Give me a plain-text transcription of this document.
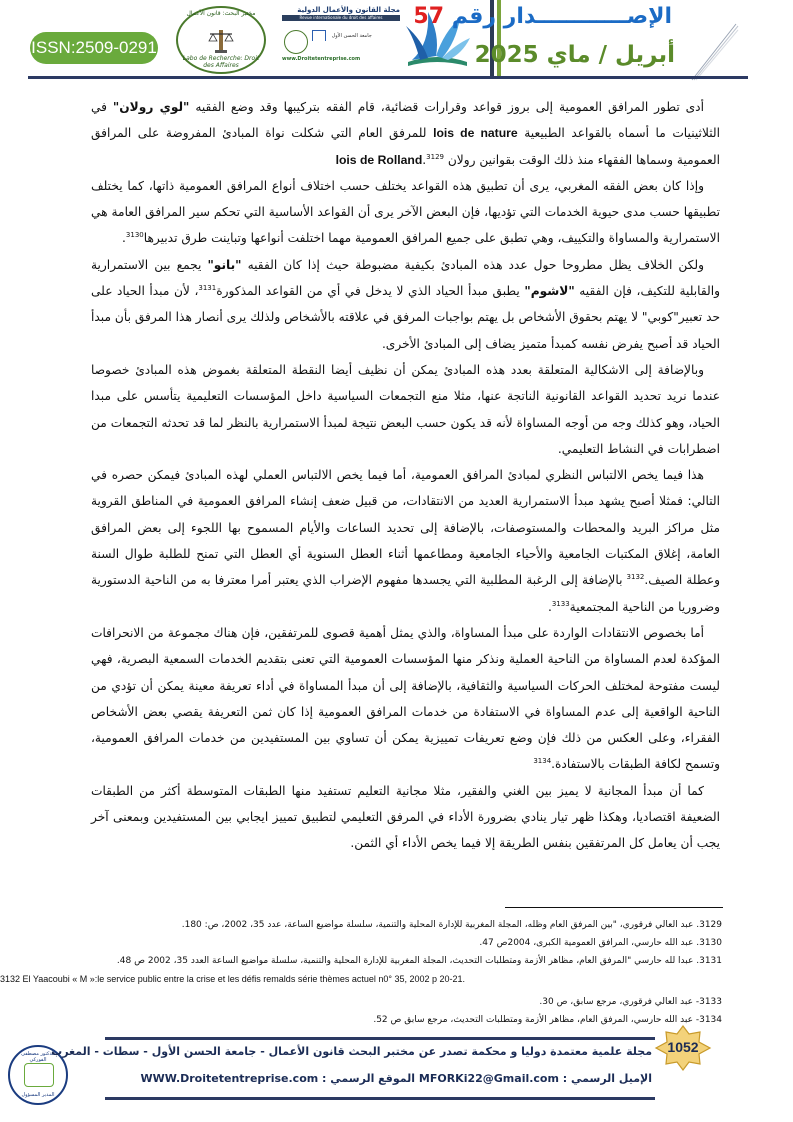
ISSN:2509-0291
مختبر البحث: قانون الأعمال
Labo de Recherche: Droit des Affaires
مجلة القانون والأعمال الدولية
Revue internationale du droit des affaires
جامعة الحسن الأول
www.Droitetentreprise.com
الإصــــــــــــدار رقم 57
أبريل / ماي 2025

أدى تطور المرافق العمومية إلى بروز قواعد وقرارات قضائية، قام الفقه بتركيبها وقد وضع الفقيه "لوي رولان" في الثلاثينيات ما أسماه بالقواعد الطبيعية lois de nature للمرفق العام التي شكلت نواة المبادئ المفروضة على المرافق العمومية وسماها الفقهاء منذ ذلك الوقت بقوانين رولان lois de Rolland.$^{3129}$

وإذا كان بعض الفقه المغربي، يرى أن تطبيق هذه القواعد يختلف حسب اختلاف أنواع المرافق العمومية ذاتها، كما يختلف تطبيقها حسب مدى حيوية الخدمات التي تؤديها، فإن البعض الآخر يرى أن القواعد الأساسية التي تحكم سير المرافق العامة هي الاستمرارية والمساواة والتكييف، وهي تطبق على جميع المرافق العمومية مهما اختلفت أنواعها وتباينت طرق تدبيرها$^{3130}$.

ولكن الخلاف يظل مطروحا حول عدد هذه المبادئ بكيفية مضبوطة حيث إذا كان الفقيه "بانو" يجمع بين الاستمرارية والقابلية للتكيف، فإن الفقيه "لاشوم" يطبق مبدأ الحياد الذي لا يدخل في أي من القواعد المذكورة$^{3131}$، لأن مبدأ الحياد على حد تعبير"كوبي" لا يهتم بحقوق الأشخاص بل يهتم بواجبات المرفق في علاقته بالأشخاص ولذلك يرى أنصار هذا المرفق بأن مبدأ الحياد قد أصبح يفرض نفسه كمبدأ متميز يضاف إلى المبادئ الأخرى.

وبالإضافة إلى الاشكالية المتعلقة بعدد هذه المبادئ يمكن أن نظيف أيضا النقطة المتعلقة بغموض هذه المبادئ خصوصا عندما نريد تحديد القواعد القانونية الناتجة عنها، مثلا منع التجمعات السياسية داخل المؤسسات التعليمية يتأسس على مبدا الحياد، وهو كذلك وجه من أوجه المساواة لأنه قد يكون حسب البعض نتيجة لمبدأ الاستمرارية بالنظر لما قد تحدثه التجمعات من اضطرابات في النشاط التعليمي.

هذا فيما يخص الالتباس النظري لمبادئ المرافق العمومية، أما فيما يخص الالتباس العملي لهذه المبادئ فيمكن حصره في التالي: فمثلا أصبح يشهد مبدأ الاستمرارية العديد من الانتقادات، من قبيل ضعف إنشاء المرافق العمومية في المناطق القروية مثل مراكز البريد والمحطات والمستوصفات، بالإضافة إلى تحديد الساعات والأيام المسموح بها اللجوء إلى بعض المرافق العامة، إغلاق المكتبات الجامعية والأحياء الجامعية ومطاعمها أثناء العطل السنوية أي العطل التي تمنح للطلبة طوال السنة وعطلة الصيف.$^{3132}$ بالإضافة إلى الرغبة المطلبية التي يجسدها مفهوم الإضراب الذي يعتبر أمرا معترفا به من الناحية الدستورية وضروريا من الناحية المجتمعية$^{3133}$.

أما بخصوص الانتقادات الواردة على مبدأ المساواة، والذي يمثل أهمية قصوى للمرتفقين، فإن هناك مجموعة من الانحرافات المؤكدة لعدم المساواة من الناحية العملية ونذكر منها المؤسسات العمومية التي تعنى بتقديم الخدمات السمعية البصرية، فهي ليست مفتوحة لمختلف الحركات السياسية والثقافية، بالإضافة إلى أن مبدأ المساواة في أداء تعريفة معينة يمكن أن تؤدي من الناحية الواقعية إلى عدم المساواة في الاستفادة من خدمات المرافق العمومية إذا كان ثمن التعريفة يقصي بعض الأشخاص الفقراء، وعلى العكس من ذلك فإن وضع تعريفات تمييزية يمكن أن تساوي بين المستفيدين من خدمات المرافق العمومية، وتسمح لكافة الطبقات بالاستفادة.$^{3134}$

كما أن مبدأ المجانية لا يميز بين الغني والفقير، مثلا مجانية التعليم تستفيد منها الطبقات المتوسطة أكثر من الطبقات الضعيفة اقتصاديا، وهكذا ظهر تيار ينادي بضرورة الأداء في المرفق التعليمي لتطبيق تمييز ايجابي بين المستفيدين وبمعنى آخر يجب أن يعامل كل المرتفقين بنفس الطريقة إلا فيما يخص الأداء أي الثمن.

3129. عبد العالي فرقوري، "بين المرفق العام وظله، المجلة المغربية للإدارة المحلية والتنمية، سلسلة مواضيع الساعة، عدد 35، 2002، ص: 180.
3130. عبد الله حارسي، المرافق العمومية الكبرى، 2004ص 47.
3131. عبدا لله حارسي "المرفق العام، مظاهر الأزمة ومتطلبات التحديث، المجلة المغربية للإدارة المحلية والتنمية، سلسلة مواضيع الساعة العدد 35، 2002 ص 48.
3132 El Yaacoubi « M »:le service public entre la crise et les défis remalds série thèmes actuel n0° 35, 2002 p 20-21.
3133- عبد العالي فرقوري، مرجع سابق، ص 30.
3134- عبد الله حارسي، المرفق العام، مظاهر الأزمة ومتطلبات التحديث، مرجع سابق ص 52.
الدكتور مصطفى الفوركي
المدير المسؤول
مجلة علمية معتمدة دوليا و محكمة تصدر عن مختبر البحث قانون الأعمال - جامعة الحسن الأول - سطات - المغرب
الإميل الرسمي : MFORKi22@Gmail.com الموقع الرسمي : WWW.Droitetentreprise.com
1052
